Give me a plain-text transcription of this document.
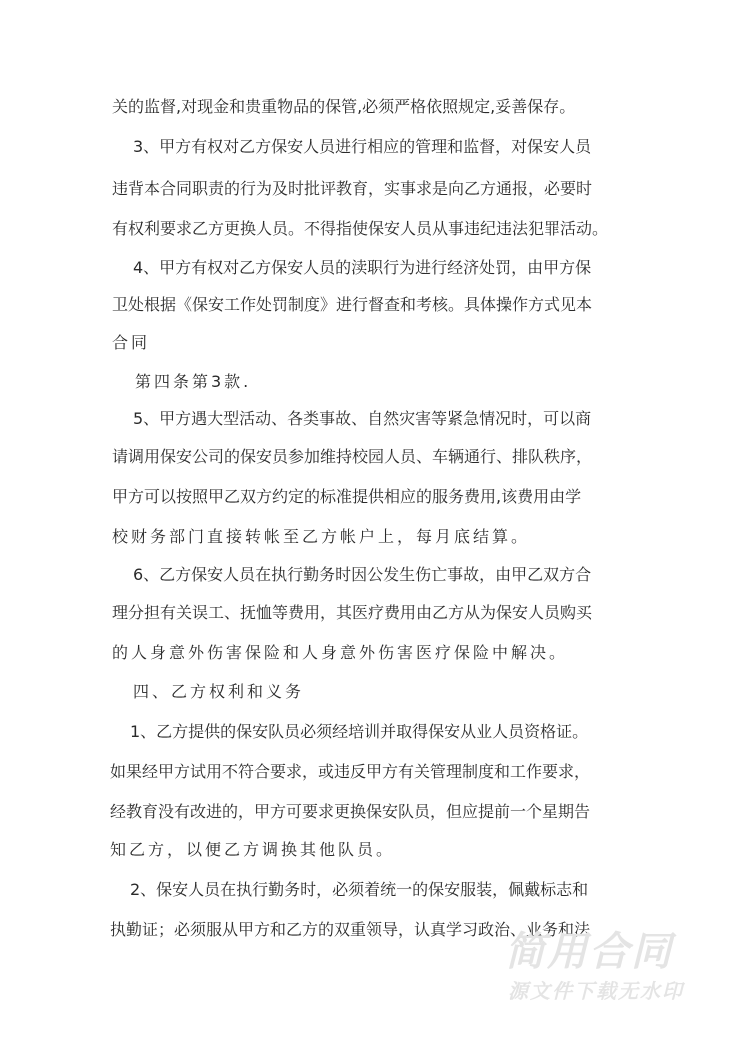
关的监督,对现金和贵重物品的保管,必须严格依照规定,妥善保存。
3、甲方有权对乙方保安人员进行相应的管理和监督，对保安人员
违背本合同职责的行为及时批评教育，实事求是向乙方通报，必要时
有权利要求乙方更换人员。不得指使保安人员从事违纪违法犯罪活动。
4、甲方有权对乙方保安人员的渎职行为进行经济处罚，由甲方保
卫处根据《保安工作处罚制度》进行督查和考核。具体操作方式见本
合同
第四条第3款.
5、甲方遇大型活动、各类事故、自然灾害等紧急情况时，可以商
请调用保安公司的保安员参加维持校园人员、车辆通行、排队秩序，
甲方可以按照甲乙双方约定的标准提供相应的服务费用,该费用由学
校财务部门直接转帐至乙方帐户上，每月底结算。
6、乙方保安人员在执行勤务时因公发生伤亡事故，由甲乙双方合
理分担有关误工、抚恤等费用，其医疗费用由乙方从为保安人员购买
的人身意外伤害保险和人身意外伤害医疗保险中解决。
四、乙方权利和义务
1、乙方提供的保安队员必须经培训并取得保安从业人员资格证。
如果经甲方试用不符合要求，或违反甲方有关管理制度和工作要求，
经教育没有改进的，甲方可要求更换保安队员，但应提前一个星期告
知乙方，以便乙方调换其他队员。
2、保安人员在执行勤务时，必须着统一的保安服装，佩戴标志和
执勤证；必须服从甲方和乙方的双重领导，认真学习政治、业务和法
简用合同
源文件下载无水印
